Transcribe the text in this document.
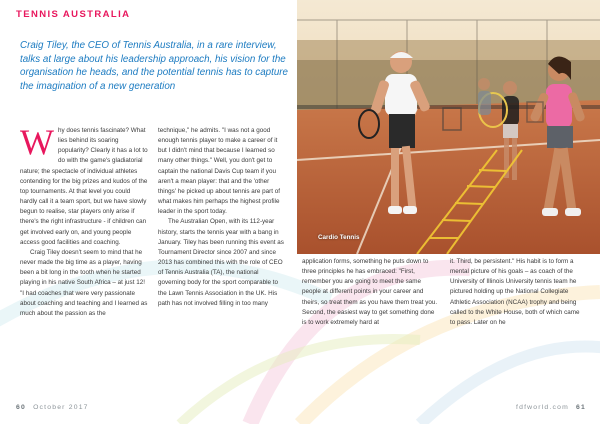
TENNIS AUSTRALIA
Craig Tiley, the CEO of Tennis Australia, in a rare interview, talks at large about his leadership approach, his vision for the organisation he heads, and the potential tennis has to capture the imagination of a new generation

Why does tennis fascinate? What lies behind its soaring popularity? Clearly it has a lot to do with the game's gladiatorial nature; the spectacle of individual athletes contending for the big prizes and kudos of the top tournaments. At that level you could hardly call it a team sport, but we have slowly begun to realise, star players only arise if there's the right infrastructure - if children can get involved early on, and young people access good facilities and coaching.

Craig Tiley doesn't seem to mind that he never made the big time as a player, having been a bit long in the tooth when he started playing in his native South Africa – at just 12! "I had coaches that were very passionate about coaching and teaching and I learned as much about the passion as the

technique," he admits. "I was not a good enough tennis player to make a career of it but I didn't mind that because I learned so many other things." Well, you don't get to captain the national Davis Cup team if you aren't a mean player: that and the 'other things' he picked up about tennis are part of what makes him perhaps the highest profile leader in the sport today.

The Australian Open, with its 112-year history, starts the tennis year with a bang in January. Tiley has been running this event as Tournament Director since 2007 and since 2013 has combined this with the role of CEO of Tennis Australia (TA), the national governing body for the sport comparable to the Lawn Tennis Association in the UK. His path has not involved filling in too many

application forms, something he puts down to three principles he has embraced: "First, remember you are going to meet the same people at different points in your career and theirs, so treat them as you have them treat you. Second, the easiest way to get something done is to work extremely hard at

it. Third, be persistent." His habit is to form a mental picture of his goals – as coach of the University of Illinois University tennis team he pictured holding up the National Collegiate Athletic Association (NCAA) trophy and being called to the White House, both of which came to pass. Later on he

Cardio Tennis
60 October 2017	fdfworld.com 61
